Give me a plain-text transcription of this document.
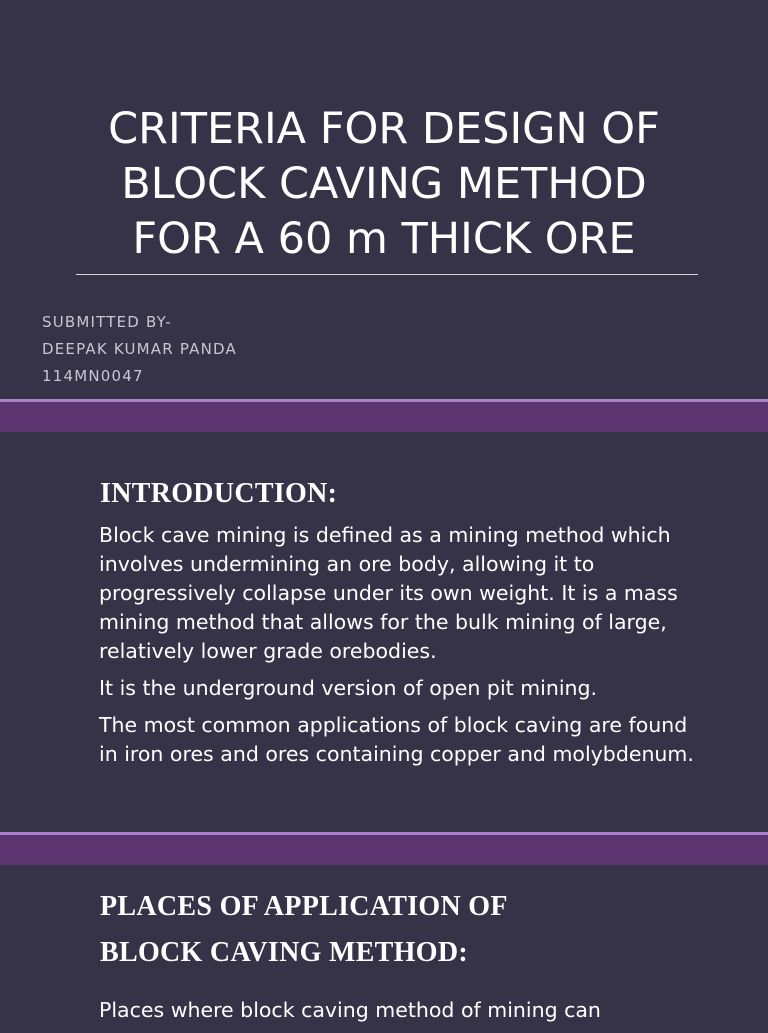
CRITERIA FOR DESIGN OF
BLOCK CAVING METHOD
FOR A 60 m THICK ORE
SUBMITTED BY-
DEEPAK KUMAR PANDA
114MN0047
INTRODUCTION:

Block cave mining is defined as a mining method which involves undermining an ore body, allowing it to progressively collapse under its own weight. It is a mass mining method that allows for the bulk mining of large, relatively lower grade orebodies.

It is the underground version of open pit mining.

The most common applications of block caving are found in iron ores and ores containing copper and molybdenum.

PLACES OF APPLICATION OF
BLOCK CAVING METHOD:

Places where block caving method of mining can
